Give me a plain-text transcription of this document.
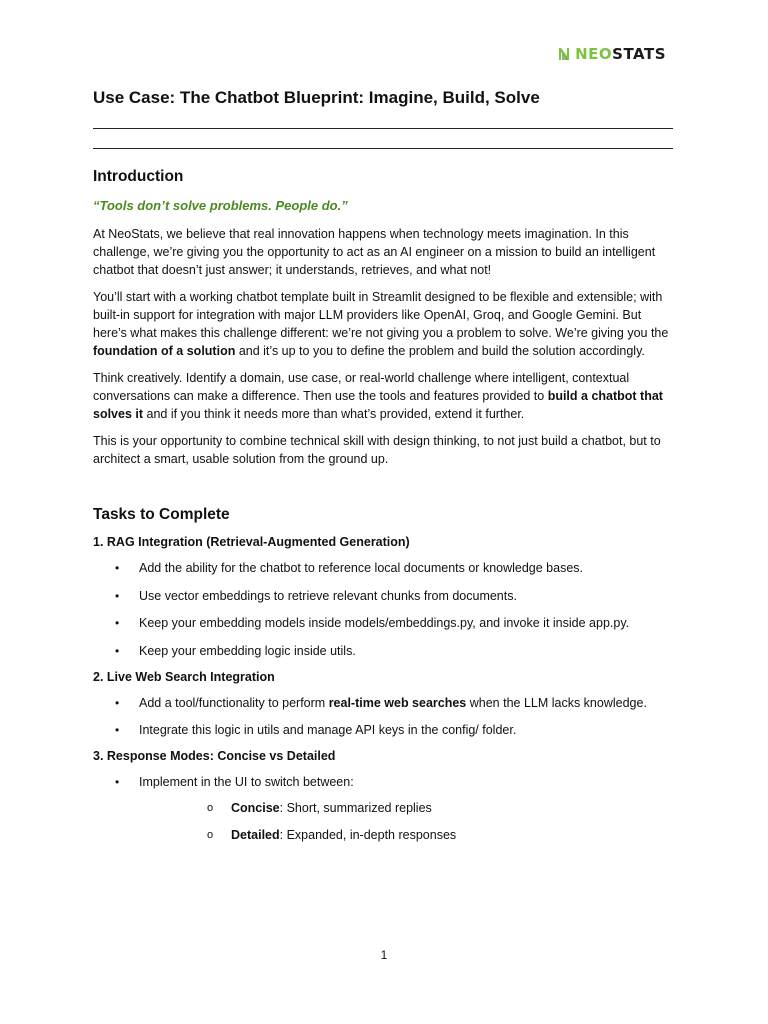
NEOSTATS
Use Case: The Chatbot Blueprint: Imagine, Build, Solve
Introduction
“Tools don’t solve problems. People do.”

At NeoStats, we believe that real innovation happens when technology meets imagination. In this challenge, we’re giving you the opportunity to act as an AI engineer on a mission to build an intelligent chatbot that doesn’t just answer; it understands, retrieves, and what not!

You’ll start with a working chatbot template built in Streamlit designed to be flexible and extensible; with built-in support for integration with major LLM providers like OpenAI, Groq, and Google Gemini. But here’s what makes this challenge different: we’re not giving you a problem to solve. We’re giving you the foundation of a solution and it’s up to you to define the problem and build the solution accordingly.

Think creatively. Identify a domain, use case, or real-world challenge where intelligent, contextual conversations can make a difference. Then use the tools and features provided to build a chatbot that solves it and if you think it needs more than what’s provided, extend it further.

This is your opportunity to combine technical skill with design thinking, to not just build a chatbot, but to architect a smart, usable solution from the ground up.

Tasks to Complete
1. RAG Integration (Retrieval-Augmented Generation)
• Add the ability for the chatbot to reference local documents or knowledge bases.
• Use vector embeddings to retrieve relevant chunks from documents.
• Keep your embedding models inside models/embeddings.py, and invoke it inside app.py.
• Keep your embedding logic inside utils.
2. Live Web Search Integration
• Add a tool/functionality to perform real-time web searches when the LLM lacks knowledge.
• Integrate this logic in utils and manage API keys in the config/ folder.
3. Response Modes: Concise vs Detailed
• Implement in the UI to switch between:
o Concise: Short, summarized replies
o Detailed: Expanded, in-depth responses
1
